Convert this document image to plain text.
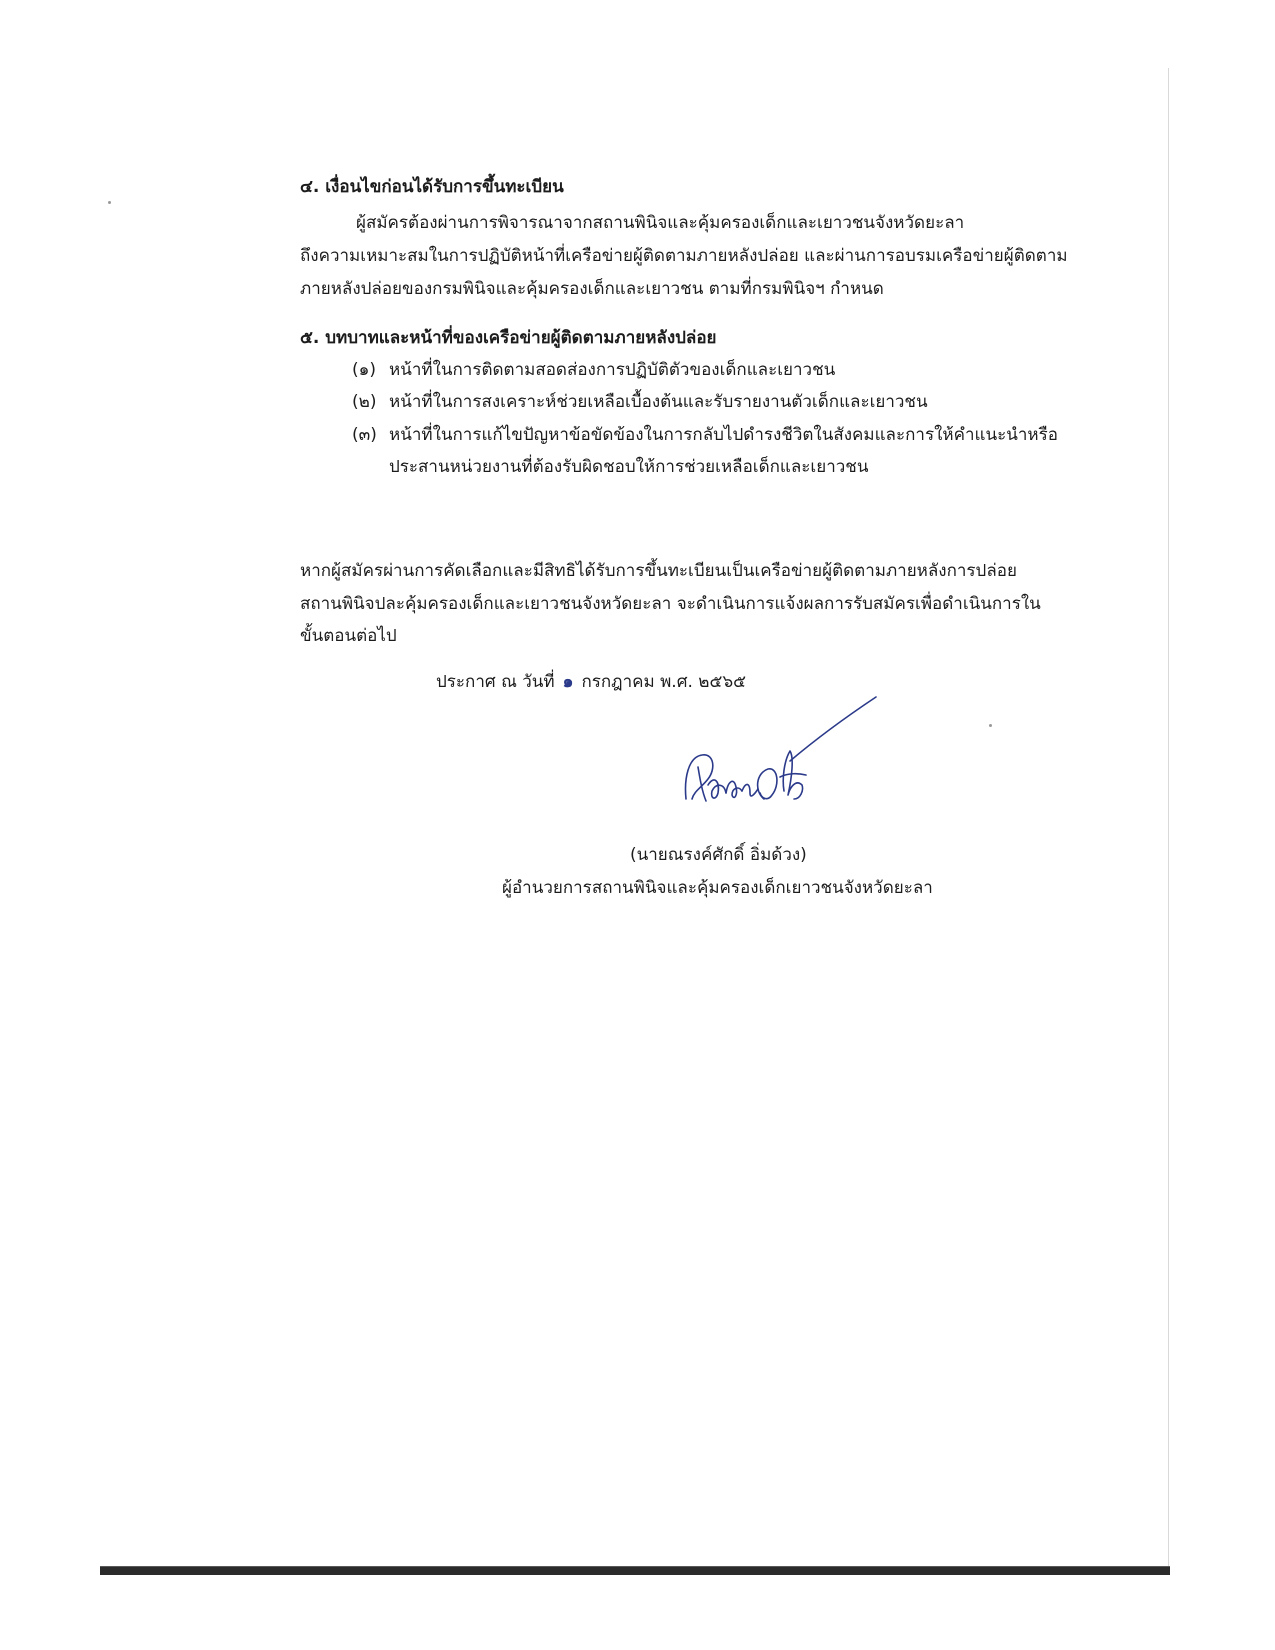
๔. เงื่อนไขก่อนได้รับการขึ้นทะเบียน
ผู้สมัครต้องผ่านการพิจารณาจากสถานพินิจและคุ้มครองเด็กและเยาวชนจังหวัดยะลา
ถึงความเหมาะสมในการปฏิบัติหน้าที่เครือข่ายผู้ติดตามภายหลังปล่อย และผ่านการอบรมเครือข่ายผู้ติดตาม
ภายหลังปล่อยของกรมพินิจและคุ้มครองเด็กและเยาวชน ตามที่กรมพินิจฯ กำหนด
๕. บทบาทและหน้าที่ของเครือข่ายผู้ติดตามภายหลังปล่อย
(๑) หน้าที่ในการติดตามสอดส่องการปฏิบัติตัวของเด็กและเยาวชน
(๒) หน้าที่ในการสงเคราะห์ช่วยเหลือเบื้องต้นและรับรายงานตัวเด็กและเยาวชน
(๓) หน้าที่ในการแก้ไขปัญหาข้อขัดข้องในการกลับไปดำรงชีวิตในสังคมและการให้คำแนะนำหรือ
ประสานหน่วยงานที่ต้องรับผิดชอบให้การช่วยเหลือเด็กและเยาวชน
หากผู้สมัครผ่านการคัดเลือกและมีสิทธิได้รับการขึ้นทะเบียนเป็นเครือข่ายผู้ติดตามภายหลังการปล่อย
สถานพินิจปละคุ้มครองเด็กและเยาวชนจังหวัดยะลา จะดำเนินการแจ้งผลการรับสมัครเพื่อดำเนินการใน
ขั้นตอนต่อไป
ประกาศ ณ วันที่ ๑ กรกฎาคม พ.ศ. ๒๕๖๕
(นายณรงค์ศักดิ์ อิ่มด้วง)
ผู้อำนวยการสถานพินิจและคุ้มครองเด็กเยาวชนจังหวัดยะลา
